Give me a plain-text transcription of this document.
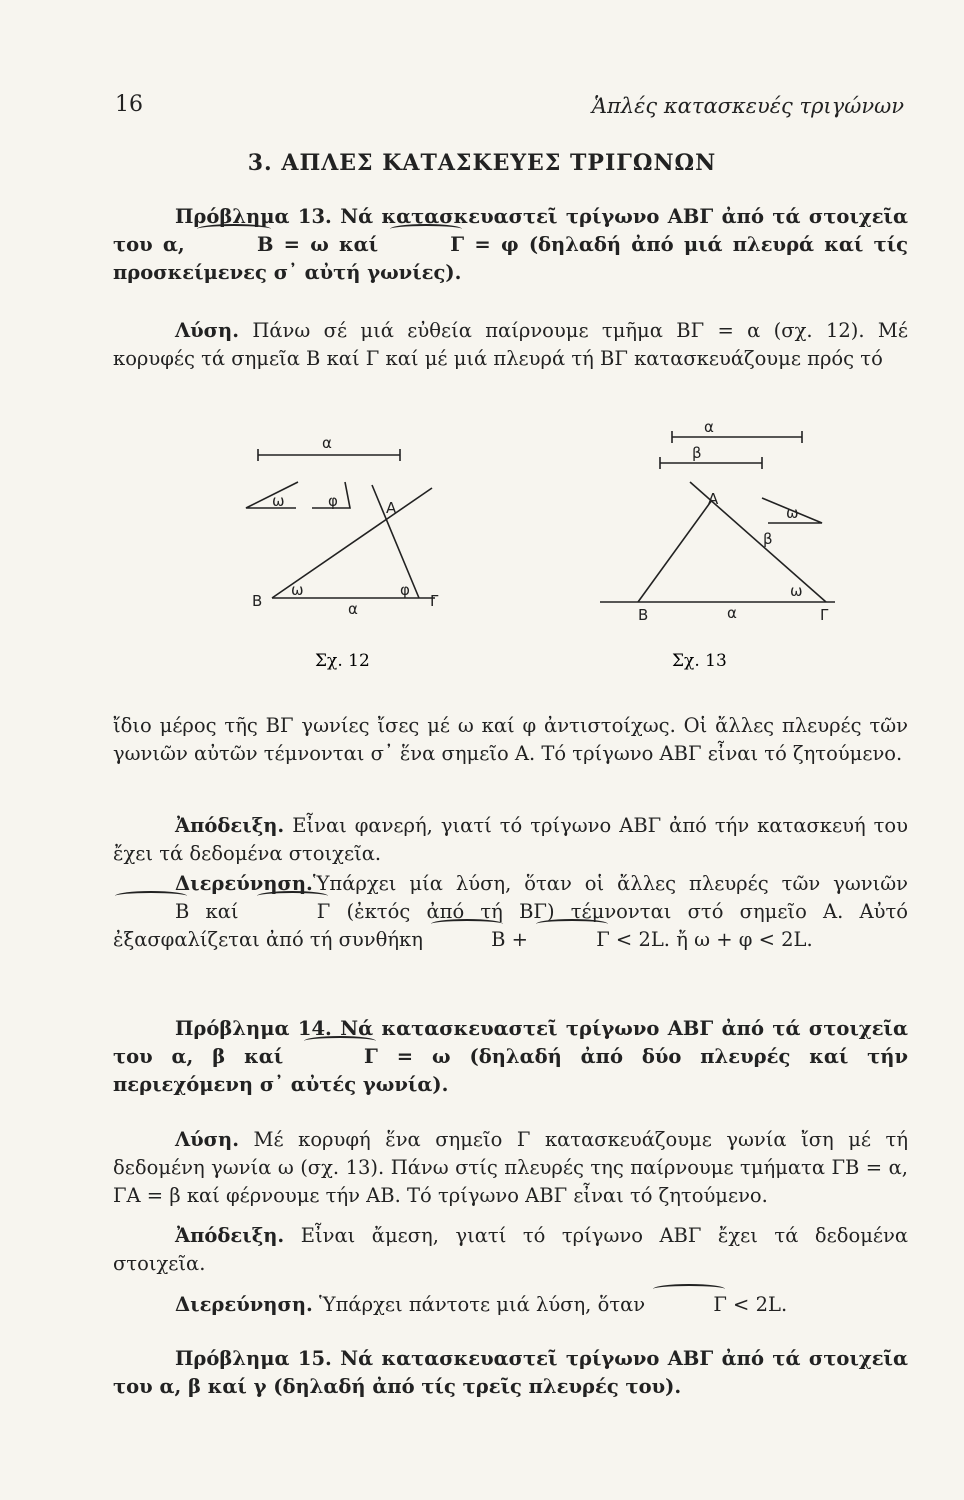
16	Ἁπλές κατασκευές τριγώνων
3. ΑΠΛΕΣ ΚΑΤΑΣΚΕΥΕΣ ΤΡΙΓΩΝΩΝ
Πρόβλημα 13. Νά κατασκευαστεῖ τρίγωνο ΑΒΓ ἀπό τά στοιχεῖα του α,	Β = ω καί	Γ = φ (δηλαδή ἀπό μιά πλευρά καί τίς προσκείμενες σ᾽ αὐτή γωνίες).
Λύση. Πάνω σέ μιά εὐθεία παίρνουμε τμῆμα ΒΓ = α (σχ. 12). Μέ κορυφές τά σημεῖα Β καί Γ καί μέ μιά πλευρά τή ΒΓ κατασκευάζουμε πρός τό
α
ω	φ	Α
Β	Γ
α
ω	φ
Σχ. 12
α
β
ω
Α
β
Β	α
ω
Γ
Σχ. 13
ἴδιο μέρος τῆς ΒΓ γωνίες ἴσες μέ ω καί φ ἀντιστοίχως. Οἱ ἄλλες πλευρές τῶν γωνιῶν αὐτῶν τέμνονται σ᾽ ἕνα σημεῖο Α. Τό τρίγωνο ΑΒΓ εἶναι τό ζητούμενο.
Ἀπόδειξη. Εἶναι φανερή, γιατί τό τρίγωνο ΑΒΓ ἀπό τήν κατασκευή του ἔχει τά δεδομένα στοιχεῖα.
Διερεύνηση.Ὑπάρχει μία λύση, ὅταν οἱ ἄλλες πλευρές τῶν γωνιῶν Β καί	Γ (ἐκτός ἀπό τή ΒΓ) τέμνονται στό σημεῖο Α. Αὐτό ἐξασφαλίζεται ἀπό τή συνθήκη	Β +	Γ < 2L. ἤ ω + φ < 2L.
Πρόβλημα 14. Νά κατασκευαστεῖ τρίγωνο ΑΒΓ ἀπό τά στοιχεῖα του α, β καί	Γ = ω (δηλαδή ἀπό δύο πλευρές καί τήν περιεχόμενη σ᾽ αὐτές γωνία).
Λύση. Μέ κορυφή ἕνα σημεῖο Γ κατασκευάζουμε γωνία ἴση μέ τή δεδομένη γωνία ω (σχ. 13). Πάνω στίς πλευρές της παίρνουμε τμήματα ΓΒ = α, ΓΑ = β καί φέρνουμε τήν ΑΒ. Τό τρίγωνο ΑΒΓ εἶναι τό ζητούμενο.
Ἀπόδειξη. Εἶναι ἄμεση, γιατί τό τρίγωνο ΑΒΓ ἔχει τά δεδομένα στοιχεῖα.
Διερεύνηση. Ὑπάρχει πάντοτε μιά λύση, ὅταν	Γ < 2L.
Πρόβλημα 15. Νά κατασκευαστεῖ τρίγωνο ΑΒΓ ἀπό τά στοιχεῖα του α, β καί γ (δηλαδή ἀπό τίς τρεῖς πλευρές του).
